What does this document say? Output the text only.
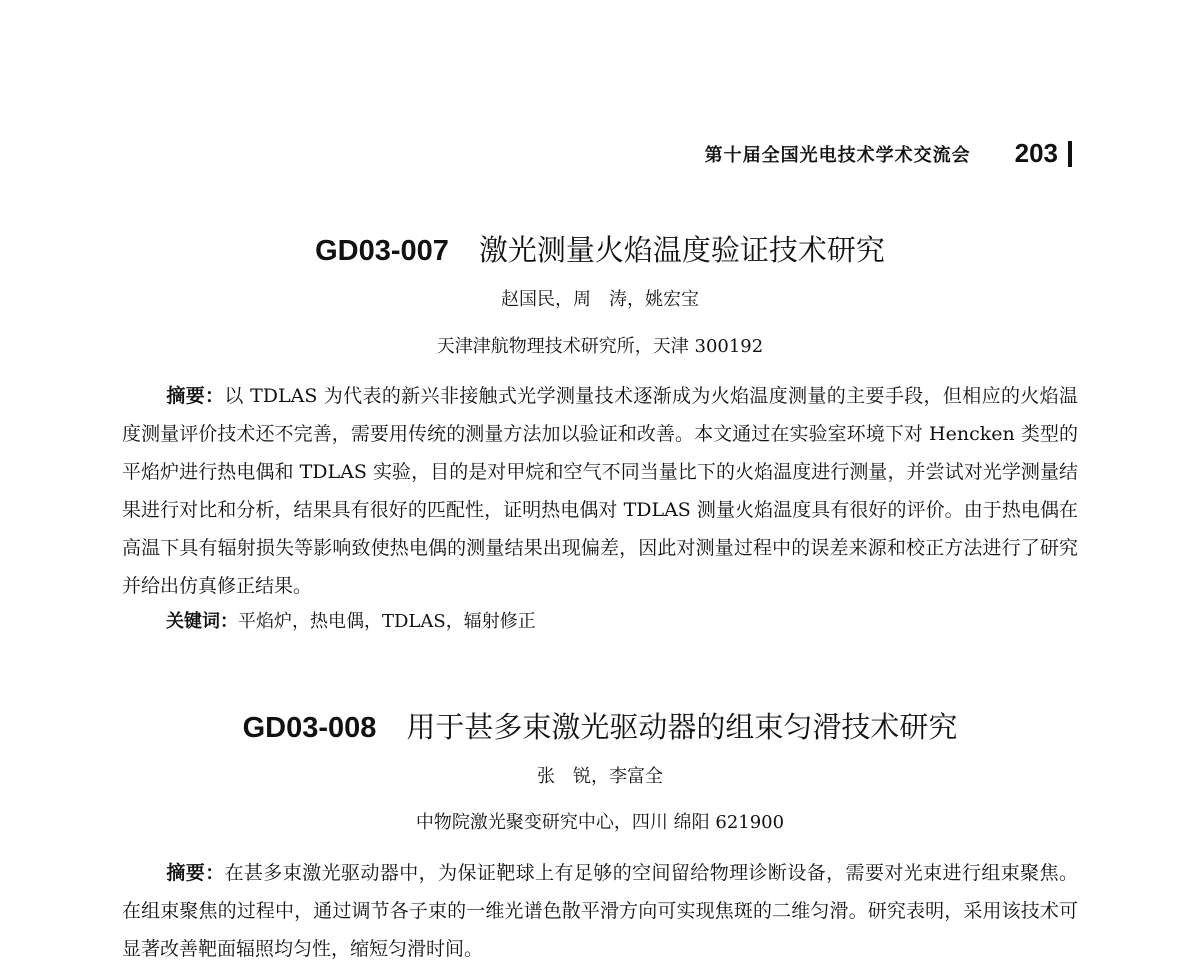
第十届全国光电技术学术交流会 203
GD03-007 激光测量火焰温度验证技术研究
赵国民，周　涛，姚宏宝
天津津航物理技术研究所，天津 300192

摘要：以 TDLAS 为代表的新兴非接触式光学测量技术逐渐成为火焰温度测量的主要手段，但相应的火焰温度测量评价技术还不完善，需要用传统的测量方法加以验证和改善。本文通过在实验室环境下对 Hencken 类型的平焰炉进行热电偶和 TDLAS 实验，目的是对甲烷和空气不同当量比下的火焰温度进行测量，并尝试对光学测量结果进行对比和分析，结果具有很好的匹配性，证明热电偶对 TDLAS 测量火焰温度具有很好的评价。由于热电偶在高温下具有辐射损失等影响致使热电偶的测量结果出现偏差，因此对测量过程中的误差来源和校正方法进行了研究并给出仿真修正结果。

关键词：平焰炉，热电偶，TDLAS，辐射修正
GD03-008 用于甚多束激光驱动器的组束匀滑技术研究
张　锐，李富全
中物院激光聚变研究中心，四川 绵阳 621900

摘要：在甚多束激光驱动器中，为保证靶球上有足够的空间留给物理诊断设备，需要对光束进行组束聚焦。在组束聚焦的过程中，通过调节各子束的一维光谱色散平滑方向可实现焦斑的二维匀滑。研究表明，采用该技术可显著改善靶面辐照均匀性，缩短匀滑时间。
